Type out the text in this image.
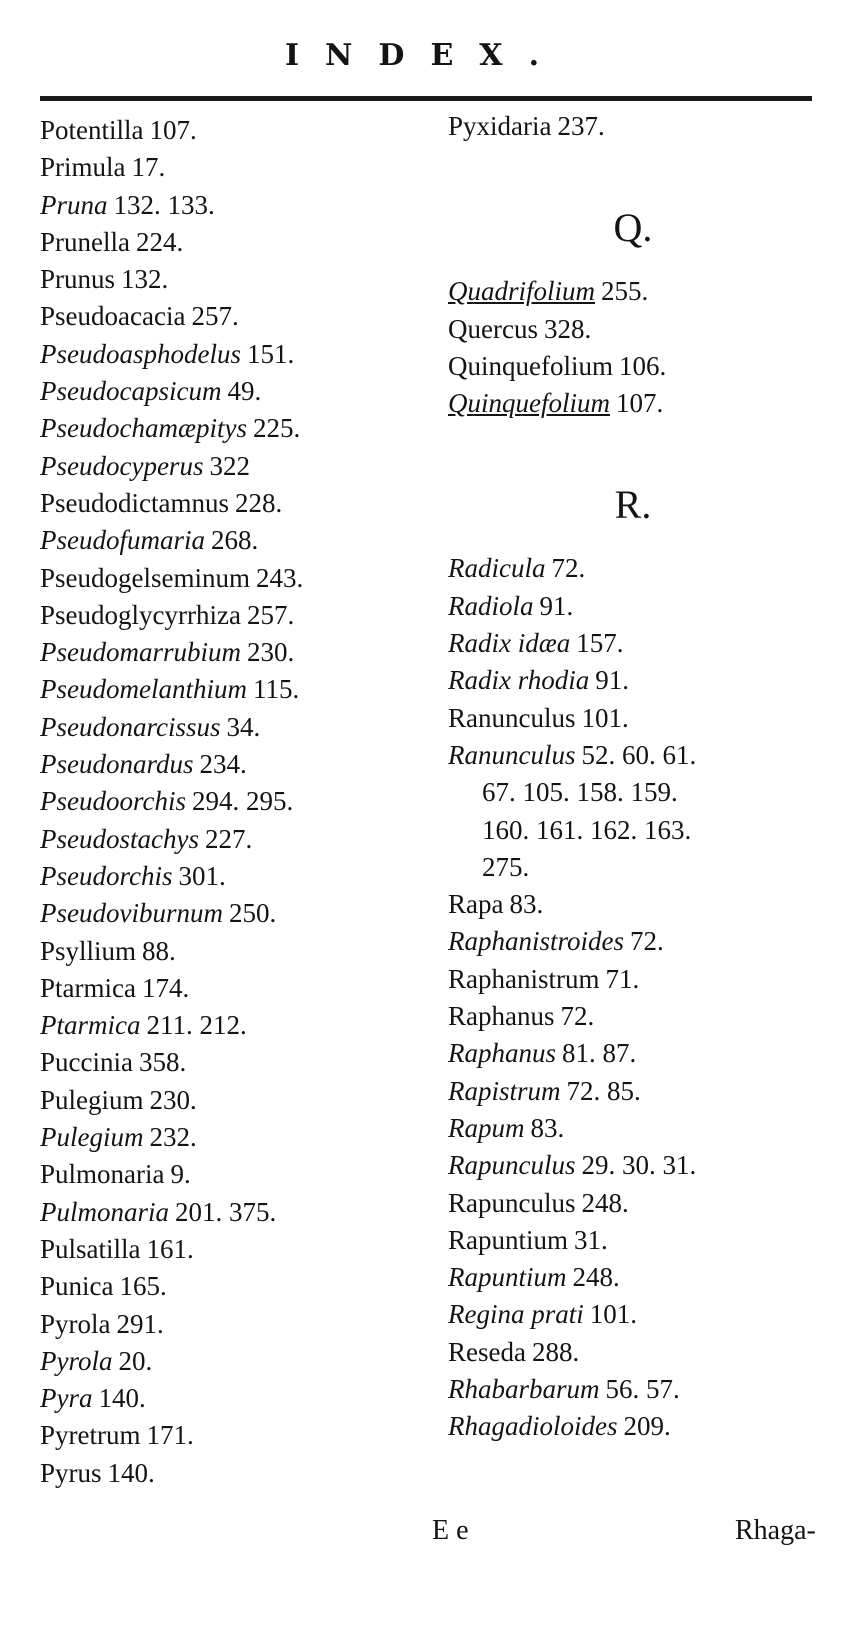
INDEX.
Potentilla 107.
Primula 17.
Pruna 132. 133.
Prunella 224.
Prunus 132.
Pseudoacacia 257.
Pseudoasphodelus 151.
Pseudocapsicum 49.
Pseudochamæpitys 225.
Pseudocyperus 322
Pseudodictamnus 228.
Pseudofumaria 268.
Pseudogelseminum 243.
Pseudoglycyrrhiza 257.
Pseudomarrubium 230.
Pseudomelanthium 115.
Pseudonarcissus 34.
Pseudonardus 234.
Pseudoorchis 294. 295.
Pseudostachys 227.
Pseudorchis 301.
Pseudoviburnum 250.
Psyllium 88.
Ptarmica 174.
Ptarmica 211. 212.
Puccinia 358.
Pulegium 230.
Pulegium 232.
Pulmonaria 9.
Pulmonaria 201. 375.
Pulsatilla 161.
Punica 165.
Pyrola 291.
Pyrola 20.
Pyra 140.
Pyretrum 171.
Pyrus 140.
Pyxidaria 237.
Q.
Quadrifolium 255.
Quercus 328.
Quinquefolium 106.
Quinquefolium 107.
R.
Radicula 72.
Radiola 91.
Radix idæa 157.
Radix rhodia 91.
Ranunculus 101.
Ranunculus 52. 60. 61.
67. 105. 158. 159.
160. 161. 162. 163.
275.
Rapa 83.
Raphanistroides 72.
Raphanistrum 71.
Raphanus 72.
Raphanus 81. 87.
Rapistrum 72. 85.
Rapum 83.
Rapunculus 29. 30. 31.
Rapunculus 248.
Rapuntium 31.
Rapuntium 248.
Regina prati 101.
Reseda 288.
Rhabarbarum 56. 57.
Rhagadioloides 209.
E e	Rhaga-
